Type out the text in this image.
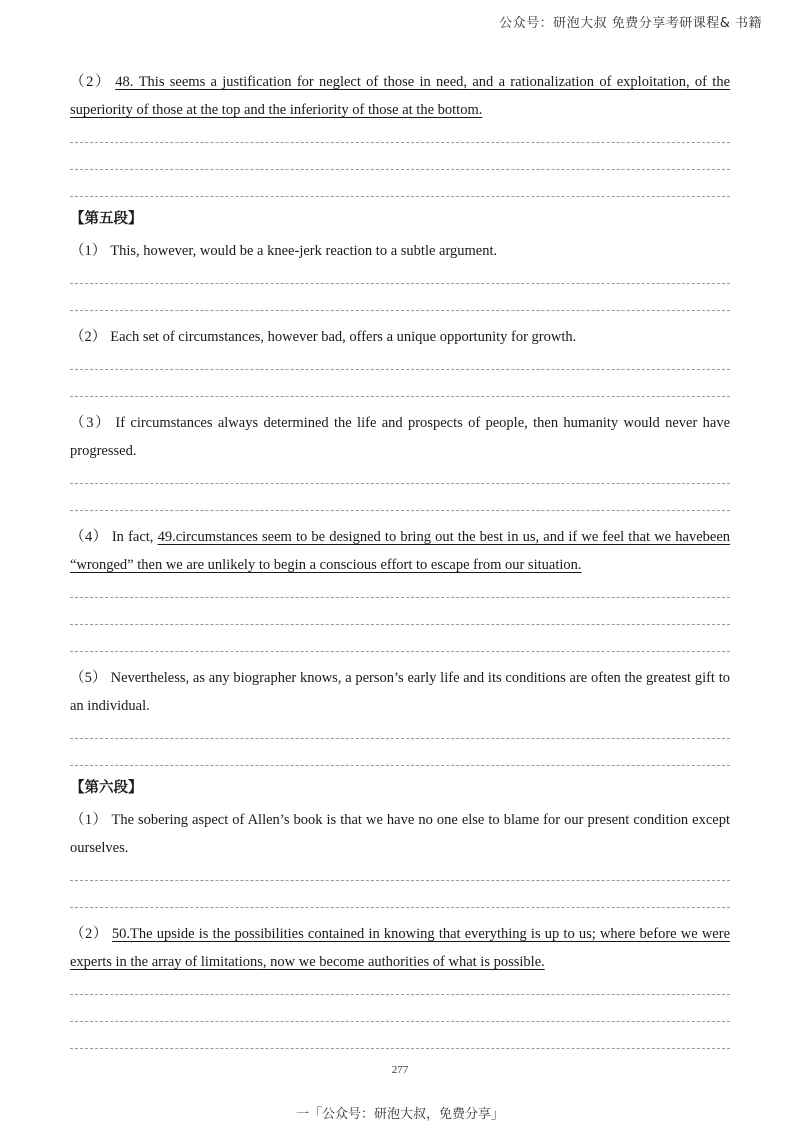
公众号：研泡大叔 免费分享考研课程& 书籍

（2） 48. This seems a justification for neglect of those in need, and a rationalization of exploitation, of the superiority of those at the top and the inferiority of those at the bottom.

【第五段】

（1） This, however, would be a knee-jerk reaction to a subtle argument.

（2） Each set of circumstances, however bad, offers a unique opportunity for growth.

（3） If circumstances always determined the life and prospects of people, then humanity would never have progressed.

（4） In fact, 49.circumstances seem to be designed to bring out the best in us, and if we feel that we havebeen “wronged” then we are unlikely to begin a conscious effort to escape from our situation.

（5） Nevertheless, as any biographer knows, a person’s early life and its conditions are often the greatest gift to an individual.

【第六段】

（1） The sobering aspect of Allen’s book is that we have no one else to blame for our present condition except ourselves.

（2） 50.The upside is the possibilities contained in knowing that everything is up to us; where before we were experts in the array of limitations, now we become authorities of what is possible.

277
一「公众号：研泡大叔，免费分享」
